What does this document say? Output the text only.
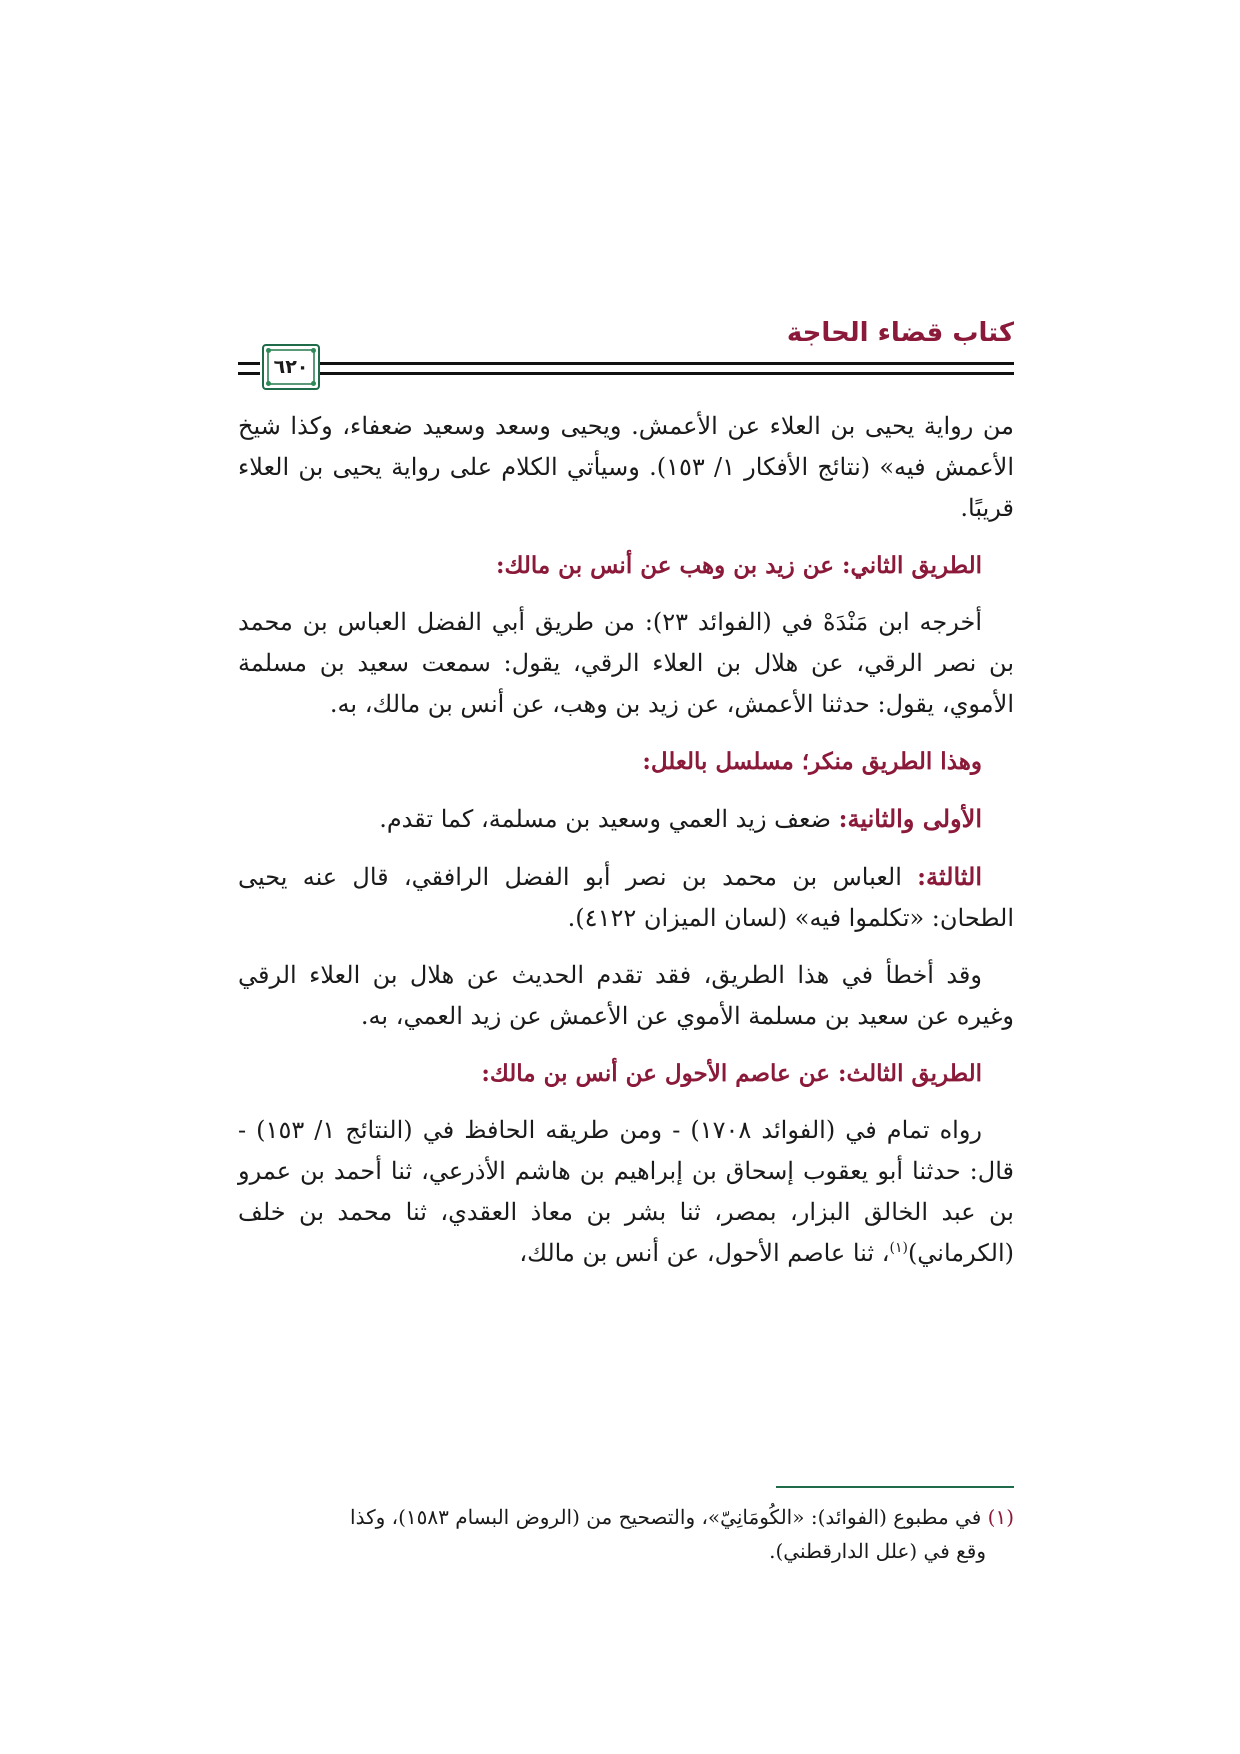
كتاب قضاء الحاجة
٦٢٠

من رواية يحيى بن العلاء عن الأعمش. ويحيى وسعد وسعيد ضعفاء، وكذا شيخ الأعمش فيه» (نتائج الأفكار ١/ ١٥٣). وسيأتي الكلام على رواية يحيى بن العلاء قريبًا.

الطريق الثاني: عن زيد بن وهب عن أنس بن مالك:

أخرجه ابن مَنْدَهْ في (الفوائد ٢٣): من طريق أبي الفضل العباس بن محمد بن نصر الرقي، عن هلال بن العلاء الرقي، يقول: سمعت سعيد بن مسلمة الأموي، يقول: حدثنا الأعمش، عن زيد بن وهب، عن أنس بن مالك، به.

وهذا الطريق منكر؛ مسلسل بالعلل:

الأولى والثانية: ضعف زيد العمي وسعيد بن مسلمة، كما تقدم.

الثالثة: العباس بن محمد بن نصر أبو الفضل الرافقي، قال عنه يحيى الطحان: «تكلموا فيه» (لسان الميزان ٤١٢٢).

وقد أخطأ في هذا الطريق، فقد تقدم الحديث عن هلال بن العلاء الرقي وغيره عن سعيد بن مسلمة الأموي عن الأعمش عن زيد العمي، به.

الطريق الثالث: عن عاصم الأحول عن أنس بن مالك:

رواه تمام في (الفوائد ١٧٠٨) - ومن طريقه الحافظ في (النتائج ١/ ١٥٣) - قال: حدثنا أبو يعقوب إسحاق بن إبراهيم بن هاشم الأذرعي، ثنا أحمد بن عمرو بن عبد الخالق البزار، بمصر، ثنا بشر بن معاذ العقدي، ثنا محمد بن خلف (الكرماني)$^{(١)}$، ثنا عاصم الأحول، عن أنس بن مالك،

(١) في مطبوع (الفوائد): «الكُومَانِيّ»، والتصحيح من (الروض البسام ١٥٨٣)، وكذا

وقع في (علل الدارقطني).
